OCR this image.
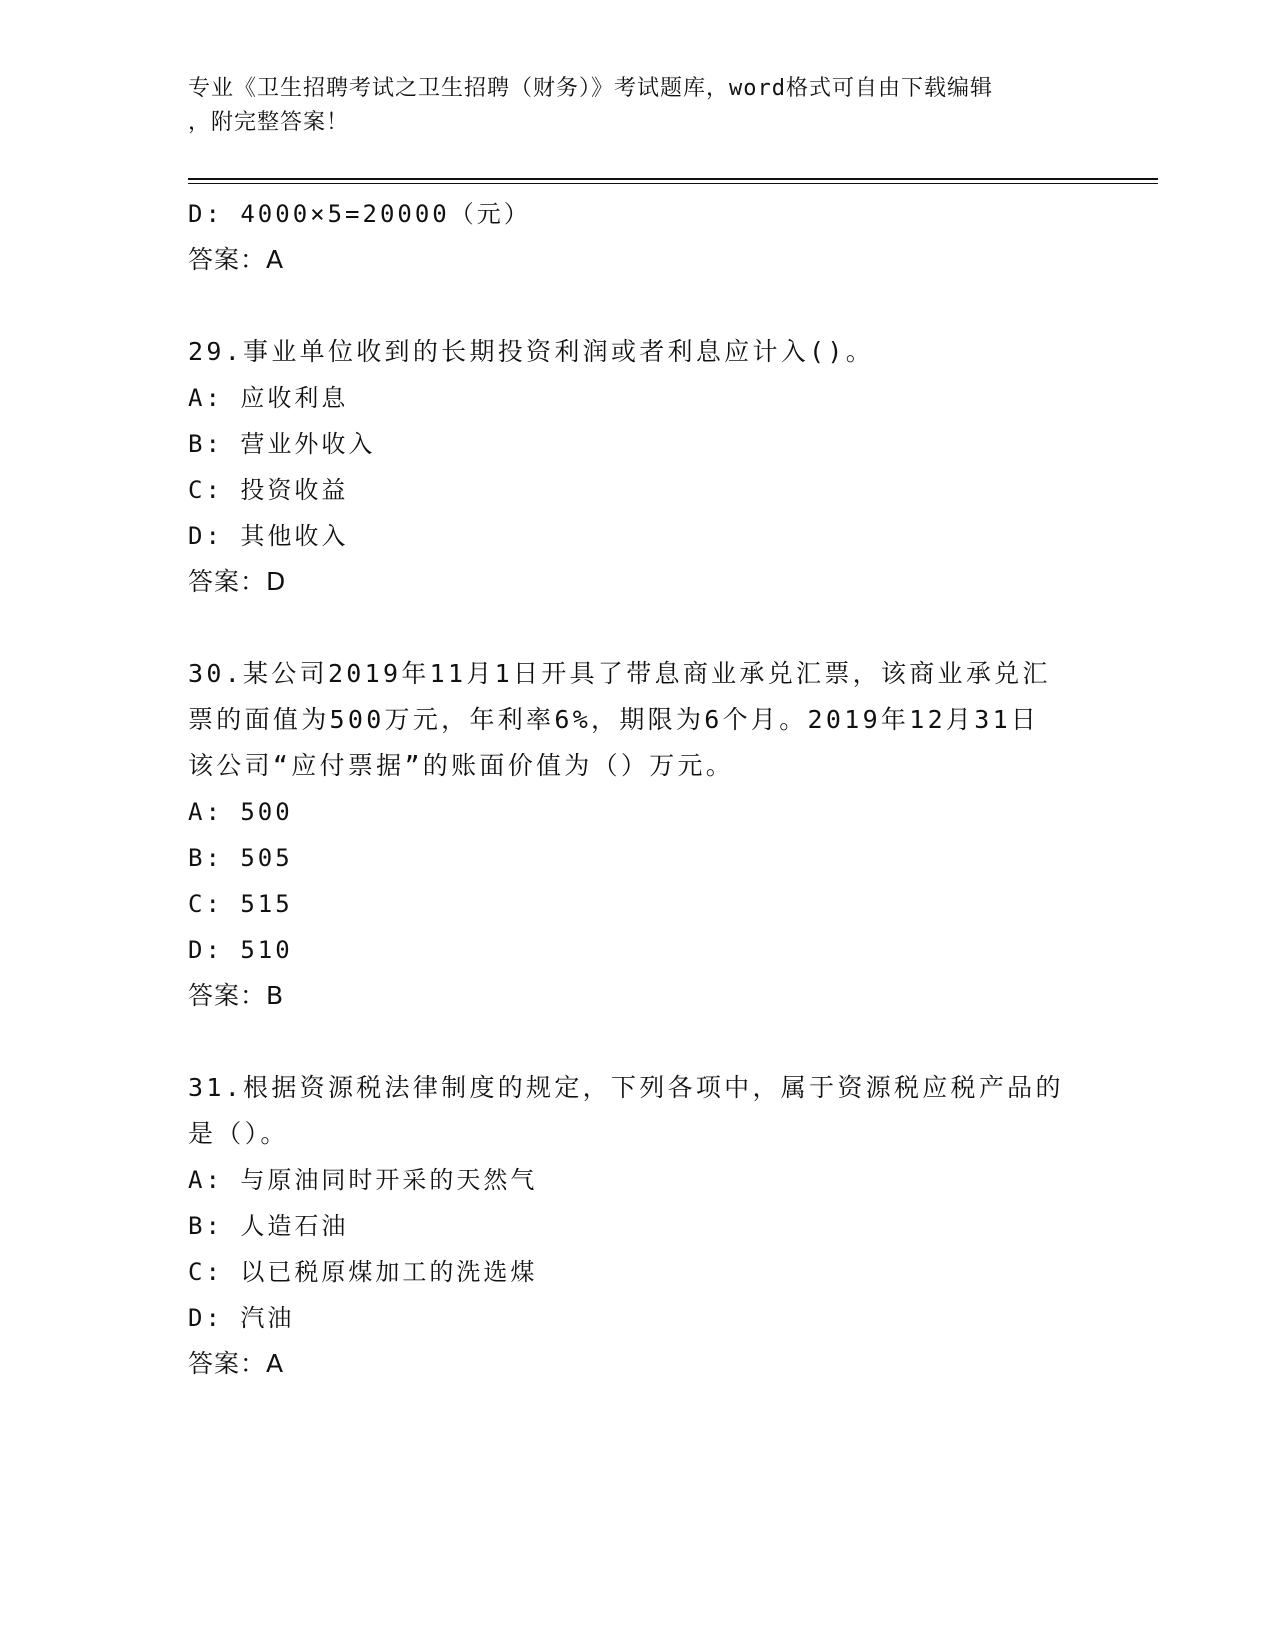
专业《卫生招聘考试之卫生招聘（财务）》考试题库，word格式可自由下载编辑
，附完整答案！
D: 4000×5=20000（元）
答案：A
29.事业单位收到的长期投资利润或者利息应计入()。
A: 应收利息
B: 营业外收入
C: 投资收益
D: 其他收入
答案：D
30.某公司2019年11月1日开具了带息商业承兑汇票，该商业承兑汇
票的面值为500万元，年利率6%，期限为6个月。2019年12月31日
该公司“应付票据”的账面价值为（）万元。
A: 500
B: 505
C: 515
D: 510
答案：B
31.根据资源税法律制度的规定，下列各项中，属于资源税应税产品的
是（）。
A: 与原油同时开采的天然气
B: 人造石油
C: 以已税原煤加工的洗选煤
D: 汽油
答案：A
